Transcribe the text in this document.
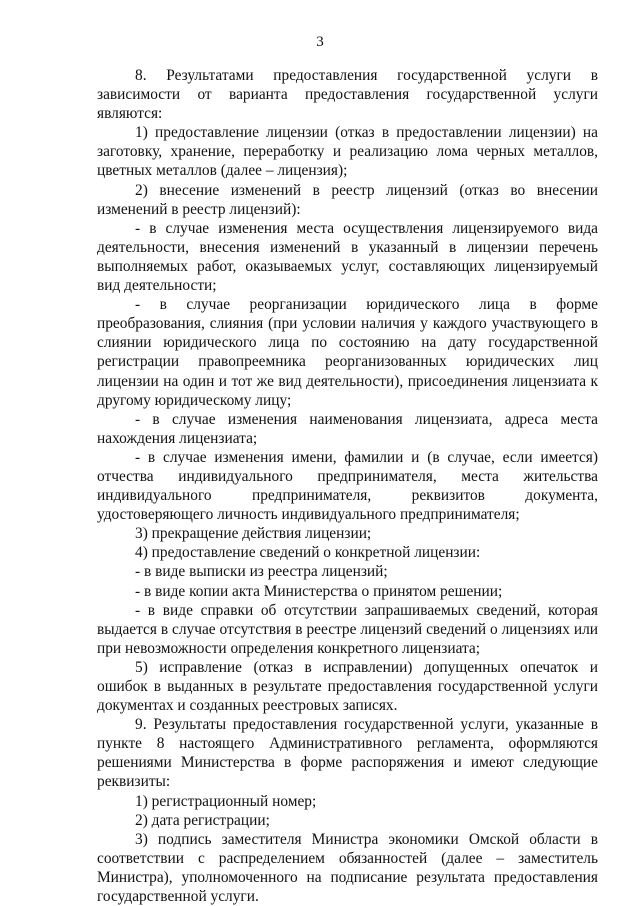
3

8. Результатами предоставления государственной услуги в зависимости от варианта предоставления государственной услуги являются:

1) предоставление лицензии (отказ в предоставлении лицензии) на заготовку, хранение, переработку и реализацию лома черных металлов, цветных металлов (далее – лицензия);

2) внесение изменений в реестр лицензий (отказ во внесении изменений в реестр лицензий):

- в случае изменения места осуществления лицензируемого вида деятельности, внесения изменений в указанный в лицензии перечень выполняемых работ, оказываемых услуг, составляющих лицензируемый вид деятельности;

- в случае реорганизации юридического лица в форме преобразования, слияния (при условии наличия у каждого участвующего в слиянии юридического лица по состоянию на дату государственной регистрации правопреемника реорганизованных юридических лиц лицензии на один и тот же вид деятельности), присоединения лицензиата к другому юридическому лицу;

- в случае изменения наименования лицензиата, адреса места нахождения лицензиата;

- в случае изменения имени, фамилии и (в случае, если имеется) отчества индивидуального предпринимателя, места жительства индивидуального предпринимателя, реквизитов документа, удостоверяющего личность индивидуального предпринимателя;

3) прекращение действия лицензии;

4) предоставление сведений о конкретной лицензии:

- в виде выписки из реестра лицензий;

- в виде копии акта Министерства о принятом решении;

- в виде справки об отсутствии запрашиваемых сведений, которая выдается в случае отсутствия в реестре лицензий сведений о лицензиях или при невозможности определения конкретного лицензиата;

5) исправление (отказ в исправлении) допущенных опечаток и ошибок в выданных в результате предоставления государственной услуги документах и созданных реестровых записях.

9. Результаты предоставления государственной услуги, указанные в пункте 8 настоящего Административного регламента, оформляются решениями Министерства в форме распоряжения и имеют следующие реквизиты:

1) регистрационный номер;

2) дата регистрации;

3) подпись заместителя Министра экономики Омской области в соответствии с распределением обязанностей (далее – заместитель Министра), уполномоченного на подписание результата предоставления государственной услуги.
